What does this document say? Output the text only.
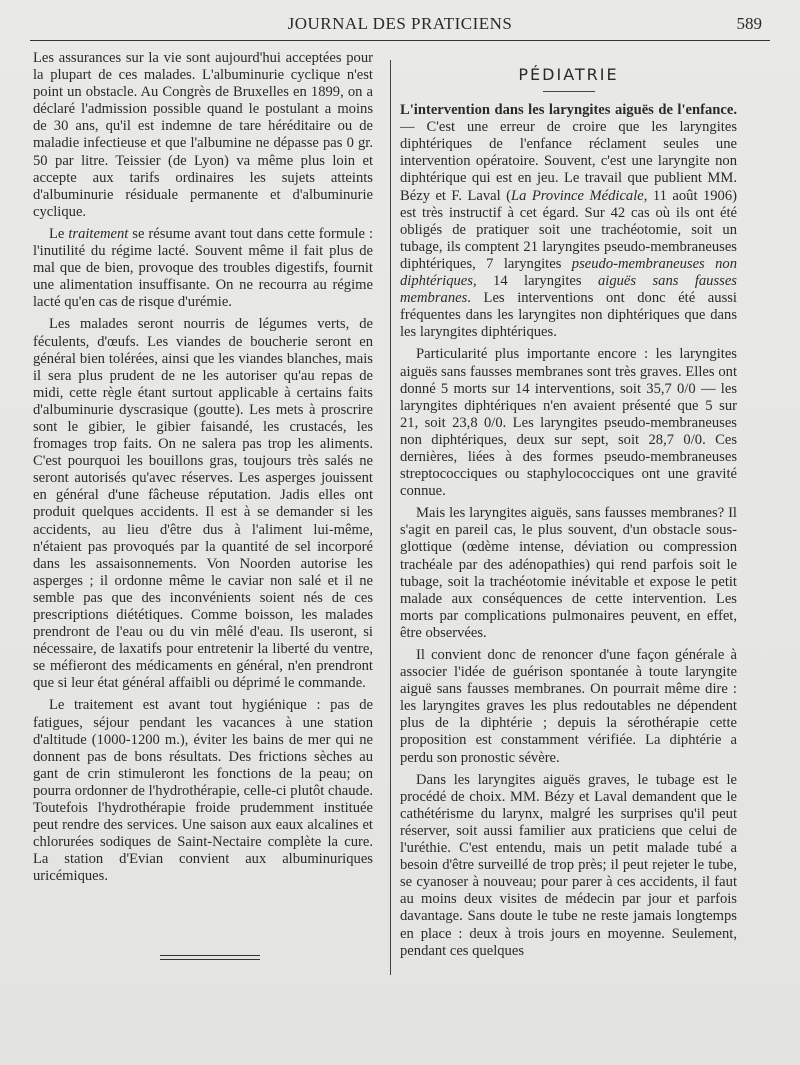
JOURNAL DES PRATICIENS	589

Les assurances sur la vie sont aujourd'hui acceptées pour la plupart de ces malades. L'albuminurie cyclique n'est point un obstacle. Au Congrès de Bruxelles en 1899, on a déclaré l'admission possible quand le postulant a moins de 30 ans, qu'il est indemne de tare héréditaire ou de maladie infectieuse et que l'albumine ne dépasse pas 0 gr. 50 par litre. Teissier (de Lyon) va même plus loin et accepte aux tarifs ordinaires les sujets atteints d'albuminurie résiduale permanente et d'albuminurie cyclique.

Le traitement se résume avant tout dans cette formule : l'inutilité du régime lacté. Souvent même il fait plus de mal que de bien, provoque des troubles digestifs, fournit une alimentation insuffisante. On ne recourra au régime lacté qu'en cas de risque d'urémie.

Les malades seront nourris de légumes verts, de féculents, d'œufs. Les viandes de boucherie seront en général bien tolérées, ainsi que les viandes blanches, mais il sera plus prudent de ne les autoriser qu'au repas de midi, cette règle étant surtout applicable à certains faits d'albuminurie dyscrasique (goutte). Les mets à proscrire sont le gibier, le gibier faisandé, les crustacés, les fromages trop faits. On ne salera pas trop les aliments. C'est pourquoi les bouillons gras, toujours très salés ne seront autorisés qu'avec réserves. Les asperges jouissent en général d'une fâcheuse réputation. Jadis elles ont produit quelques accidents. Il est à se demander si les accidents, au lieu d'être dus à l'aliment lui-même, n'étaient pas provoqués par la quantité de sel incorporé dans les assaisonnements. Von Noorden autorise les asperges ; il ordonne même le caviar non salé et il ne semble pas que des inconvénients soient nés de ces prescriptions diététiques. Comme boisson, les malades prendront de l'eau ou du vin mêlé d'eau. Ils useront, si nécessaire, de laxatifs pour entretenir la liberté du ventre, se méfieront des médicaments en général, n'en prendront que si leur état général affaibli ou déprimé le commande.

Le traitement est avant tout hygiénique : pas de fatigues, séjour pendant les vacances à une station d'altitude (1000-1200 m.), éviter les bains de mer qui ne donnent pas de bons résultats. Des frictions sèches au gant de crin stimuleront les fonctions de la peau; on pourra ordonner de l'hydrothérapie, celle-ci plutôt chaude. Toutefois l'hydrothérapie froide prudemment instituée peut rendre des services. Une saison aux eaux alcalines et chlorurées sodiques de Saint-Nectaire complète la cure. La station d'Evian convient aux albuminuriques uricémiques.

PÉDIATRIE

L'intervention dans les laryngites aiguës de l'enfance. — C'est une erreur de croire que les laryngites diphtériques de l'enfance réclament seules une intervention opératoire. Souvent, c'est une laryngite non diphtérique qui est en jeu. Le travail que publient MM. Bézy et F. Laval (La Province Médicale, 11 août 1906) est très instructif à cet égard. Sur 42 cas où ils ont été obligés de pratiquer soit une trachéotomie, soit un tubage, ils comptent 21 laryngites pseudo-membraneuses diphtériques, 7 laryngites pseudo-membraneuses non diphtériques, 14 laryngites aiguës sans fausses membranes. Les interventions ont donc été aussi fréquentes dans les laryngites non diphtériques que dans les laryngites diphtériques.

Particularité plus importante encore : les laryngites aiguës sans fausses membranes sont très graves. Elles ont donné 5 morts sur 14 interventions, soit 35,7 0/0 — les laryngites diphtériques n'en avaient présenté que 5 sur 21, soit 23,8 0/0. Les laryngites pseudo-membraneuses non diphtériques, deux sur sept, soit 28,7 0/0. Ces dernières, liées à des formes pseudo-membraneuses streptococciques ou staphylococciques ont une gravité connue.

Mais les laryngites aiguës, sans fausses membranes? Il s'agit en pareil cas, le plus souvent, d'un obstacle sous-glottique (œdème intense, déviation ou compression trachéale par des adénopathies) qui rend parfois soit le tubage, soit la trachéotomie inévitable et expose le petit malade aux conséquences de cette intervention. Les morts par complications pulmonaires peuvent, en effet, être observées.

Il convient donc de renoncer d'une façon générale à associer l'idée de guérison spontanée à toute laryngite aiguë sans fausses membranes. On pourrait même dire : les laryngites graves les plus redoutables ne dépendent plus de la diphtérie ; depuis la sérothérapie cette proposition est constamment vérifiée. La diphtérie a perdu son pronostic sévère.

Dans les laryngites aiguës graves, le tubage est le procédé de choix. MM. Bézy et Laval demandent que le cathétérisme du larynx, malgré les surprises qu'il peut réserver, soit aussi familier aux praticiens que celui de l'uréthie. C'est entendu, mais un petit malade tubé a besoin d'être surveillé de trop près; il peut rejeter le tube, se cyanoser à nouveau; pour parer à ces accidents, il faut au moins deux visites de médecin par jour et parfois davantage. Sans doute le tube ne reste jamais longtemps en place : deux à trois jours en moyenne. Seulement, pendant ces quelques
